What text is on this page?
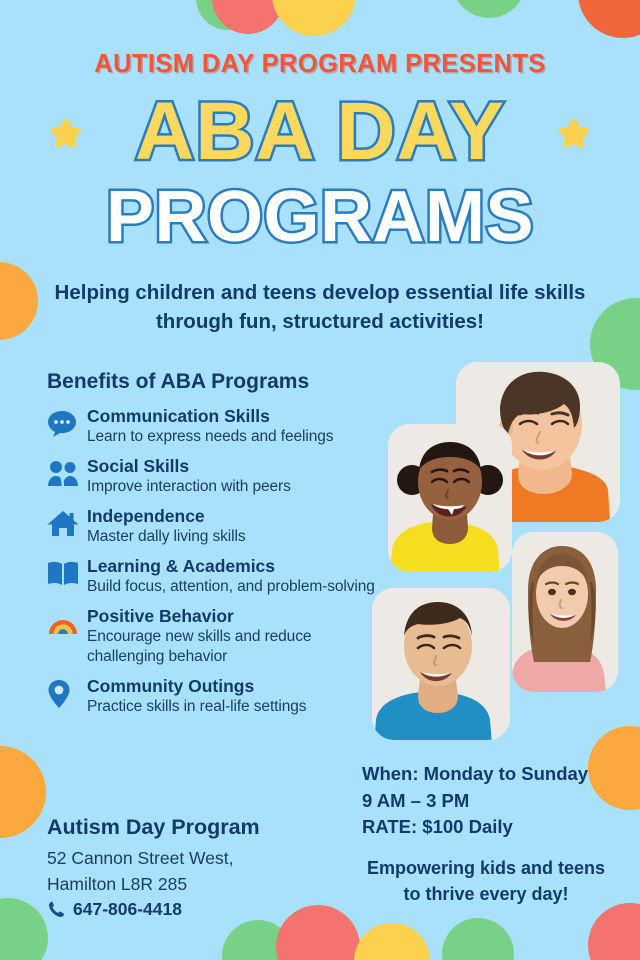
AUTISM DAY PROGRAM PRESENTS
ABA DAY
PROGRAMS
Helping children and teens develop essential life skills through fun, structured activities!
Benefits of ABA Programs
Communication Skills
Learn to express needs and feelings
Social Skills
Improve interaction with peers
Independence
Master dally living skills
Learning & Academics
Build focus, attention, and problem-solving
Positive Behavior
Encourage new skills and reduce challenging behavior
Community Outings
Practice skills in real-life settings
When: Monday to Sunday
9 AM – 3 PM
RATE: $100 Daily
Empowering kids and teens
to thrive every day!
Autism Day Program
52 Cannon Street West,
Hamilton L8R 285
647-806-4418
